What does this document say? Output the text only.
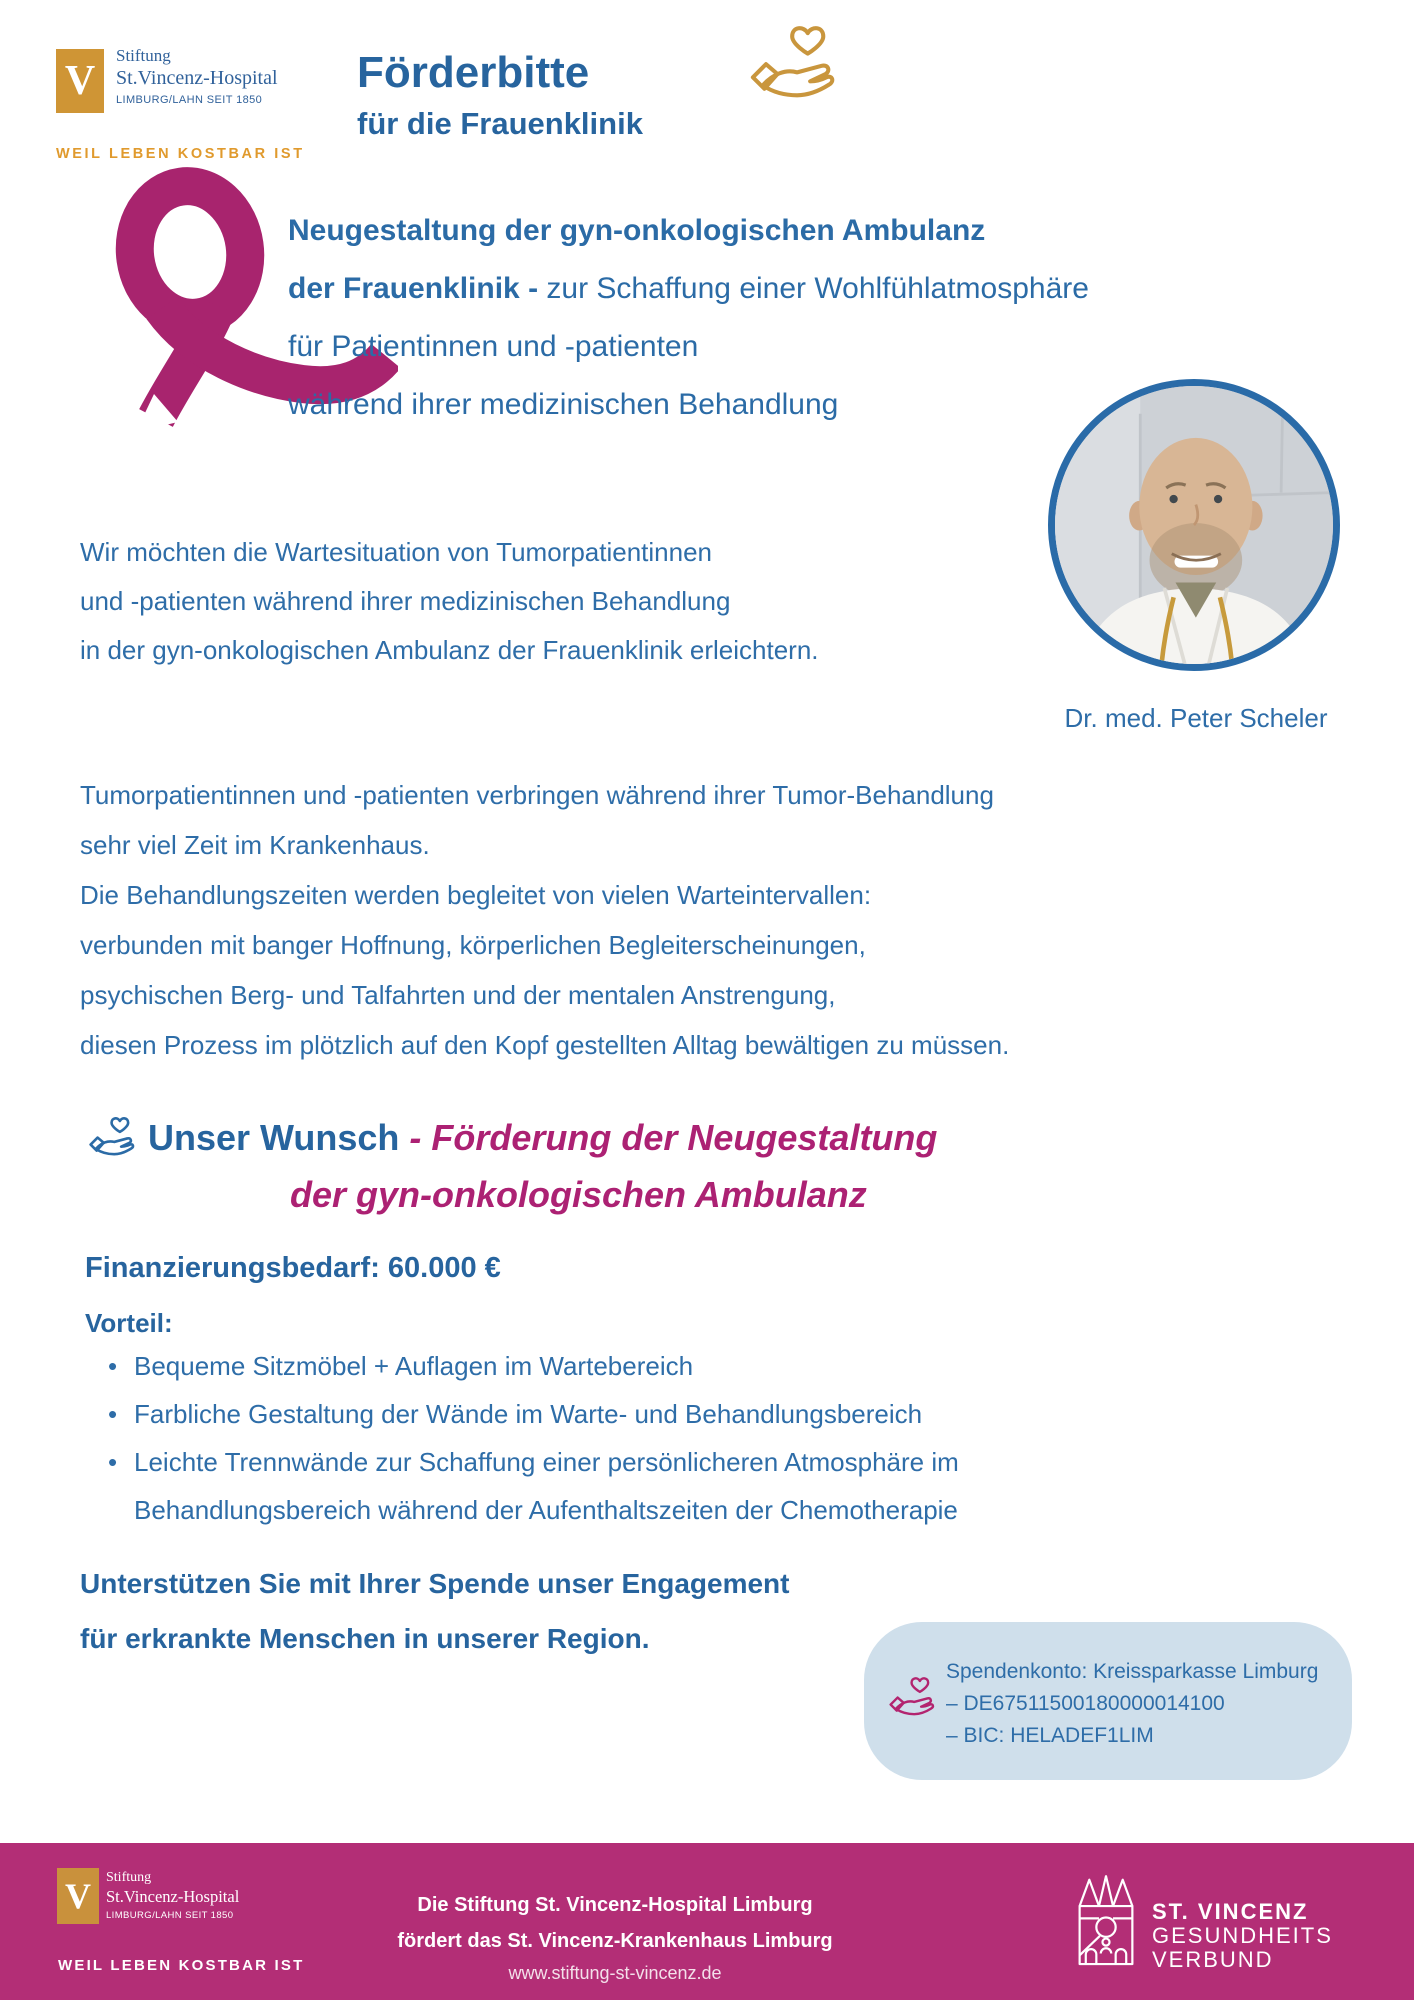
V
Stiftung
St.Vincenz-Hospital
LIMBURG/LAHN SEIT 1850
WEIL LEBEN KOSTBAR IST
Förderbitte
für die Frauenklinik
Neugestaltung der gyn-onkologischen Ambulanz
der Frauenklinik - zur Schaffung einer Wohlfühlatmosphäre
für Patientinnen und -patienten
während ihrer medizinischen Behandlung
Dr. med. Peter Scheler
Wir möchten die Wartesituation von Tumorpatientinnen
und -patienten während ihrer medizinischen Behandlung
in der gyn-onkologischen Ambulanz der Frauenklinik erleichtern.
Tumorpatientinnen und -patienten verbringen während ihrer Tumor-Behandlung
sehr viel Zeit im Krankenhaus.
Die Behandlungszeiten werden begleitet von vielen Warteintervallen:
verbunden mit banger Hoffnung, körperlichen Begleiterscheinungen,
psychischen Berg- und Talfahrten und der mentalen Anstrengung,
diesen Prozess im plötzlich auf den Kopf gestellten Alltag bewältigen zu müssen.
Unser Wunsch - Förderung der Neugestaltung
der gyn-onkologischen Ambulanz
Finanzierungsbedarf: 60.000 €
Vorteil:
• Bequeme Sitzmöbel + Auflagen im Wartebereich
• Farbliche Gestaltung der Wände im Warte- und Behandlungsbereich
• Leichte Trennwände zur Schaffung einer persönlicheren Atmosphäre im Behandlungsbereich während der Aufenthaltszeiten der Chemotherapie
Unterstützen Sie mit Ihrer Spende unser Engagement
für erkrankte Menschen in unserer Region.
Spendenkonto: Kreissparkasse Limburg
– DE67511500180000014100
– BIC: HELADEF1LIM
V	Stiftung
St.Vincenz-Hospital
LIMBURG/LAHN SEIT 1850
WEIL LEBEN KOSTBAR IST
Die Stiftung St. Vincenz-Hospital Limburg
fördert das St. Vincenz-Krankenhaus Limburg
www.stiftung-st-vincenz.de
ST. VINCENZ
GESUNDHEITS
VERBUND
